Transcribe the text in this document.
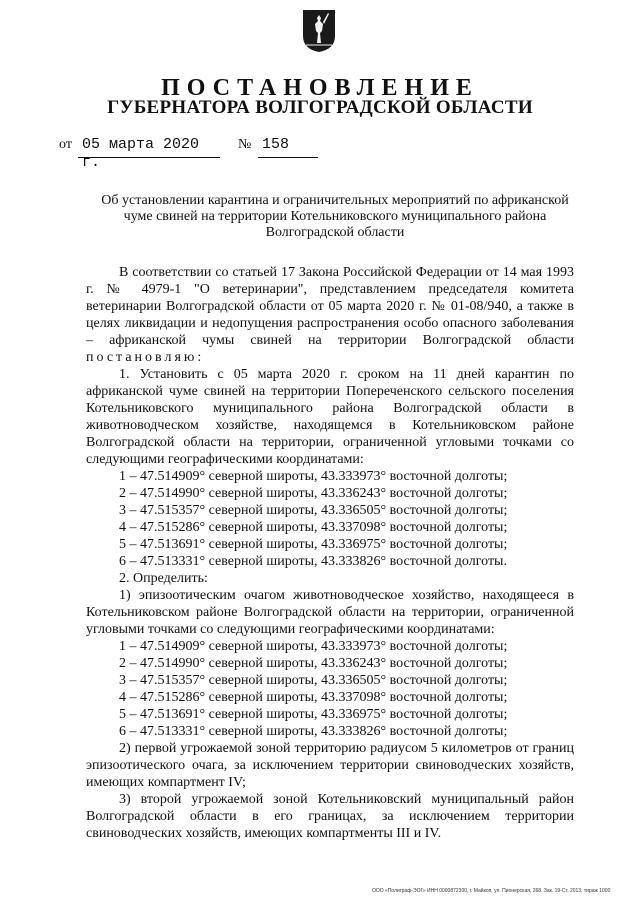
ПОСТАНОВЛЕНИЕ
ГУБЕРНАТОРА ВОЛГОГРАДСКОЙ ОБЛАСТИ
от 05 марта 2020 г.
№ 158
Об установлении карантина и ограничительных мероприятий по африканской чуме свиней на территории Котельниковского муниципального района Волгоградской области

В соответствии со статьей 17 Закона Российской Федерации от 14 мая 1993 г. № 4979-1 "О ветеринарии", представлением председателя комитета ветеринарии Волгоградской области от 05 марта 2020 г. № 01-08/940, а также в целях ликвидации и недопущения распространения особо опасного заболевания – африканской чумы свиней на территории Волгоградской области постановляю:

1. Установить с 05 марта 2020 г. сроком на 11 дней карантин по африканской чуме свиней на территории Попереченского сельского поселения Котельниковского муниципального района Волгоградской области в животноводческом хозяйстве, находящемся в Котельниковском районе Волгоградской области на территории, ограниченной угловыми точками со следующими географическими координатами:

1 – 47.514909° северной широты, 43.333973° восточной долготы;
2 – 47.514990° северной широты, 43.336243° восточной долготы;
3 – 47.515357° северной широты, 43.336505° восточной долготы;
4 – 47.515286° северной широты, 43.337098° восточной долготы;
5 – 47.513691° северной широты, 43.336975° восточной долготы;
6 – 47.513331° северной широты, 43.333826° восточной долготы.

2. Определить:

1) эпизоотическим очагом животноводческое хозяйство, находящееся в Котельниковском районе Волгоградской области на территории, ограниченной угловыми точками со следующими географическими координатами:

1 – 47.514909° северной широты, 43.333973° восточной долготы;
2 – 47.514990° северной широты, 43.336243° восточной долготы;
3 – 47.515357° северной широты, 43.336505° восточной долготы;
4 – 47.515286° северной широты, 43.337098° восточной долготы;
5 – 47.513691° северной широты, 43.336975° восточной долготы;
6 – 47.513331° северной широты, 43.333826° восточной долготы;

2) первой угрожаемой зоной территорию радиусом 5 километров от границ эпизоотического очага, за исключением территории свиноводческих хозяйств, имеющих компартмент IV;

3) второй угрожаемой зоной Котельниковский муниципальный район Волгоградской области в его границах, за исключением территории свиноводческих хозяйств, имеющих компартменты III и IV.

ООО «Полиграф-ЭОГ» ИНН 0000872300, г. Майкоп, ул. Пионерская, 268. Зак. 19-Ст. 2013, тираж 1000
